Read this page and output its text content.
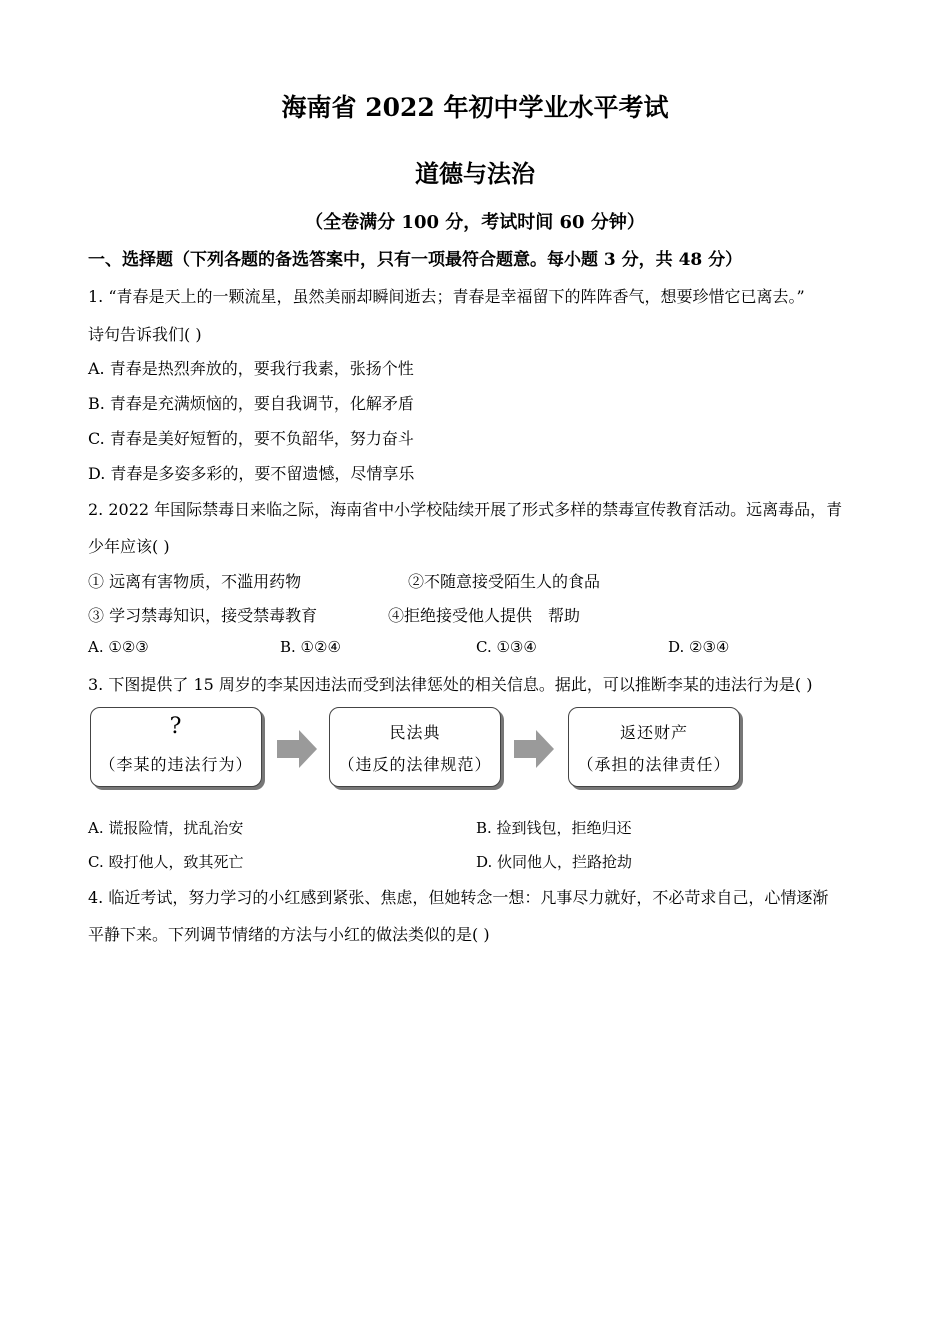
海南省 2022 年初中学业水平考试
道德与法治
（全卷满分 100 分，考试时间 60 分钟）
一、选择题（下列各题的备选答案中，只有一项最符合题意。每小题 3 分，共 48 分）
1. “青春是天上的一颗流星，虽然美丽却瞬间逝去；青春是幸福留下的阵阵香气，想要珍惜它已离去。”
诗句告诉我们( )
A. 青春是热烈奔放的，要我行我素，张扬个性
B. 青春是充满烦恼的，要自我调节，化解矛盾
C. 青春是美好短暂的，要不负韶华，努力奋斗
D. 青春是多姿多彩的，要不留遗憾，尽情享乐
2. 2022 年国际禁毒日来临之际，海南省中小学校陆续开展了形式多样的禁毒宣传教育活动。远离毒品，青
少年应该( )
① 远离有害物质，不滥用药物	②不随意接受陌生人的食品
③ 学习禁毒知识，接受禁毒教育	④拒绝接受他人提供　帮助
A. ①②③	B. ①②④	C. ①③④	D. ②③④
3. 下图提供了 15 周岁的李某因违法而受到法律惩处的相关信息。据此，可以推断李某的违法行为是( )
?
（李某的违法行为）
民法典
（违反的法律规范）
返还财产
（承担的法律责任）
A. 谎报险情，扰乱治安	B. 捡到钱包，拒绝归还
C. 殴打他人，致其死亡	D. 伙同他人，拦路抢劫
4. 临近考试，努力学习的小红感到紧张、焦虑，但她转念一想：凡事尽力就好，不必苛求自己，心情逐渐
平静下来。下列调节情绪的方法与小红的做法类似的是( )
